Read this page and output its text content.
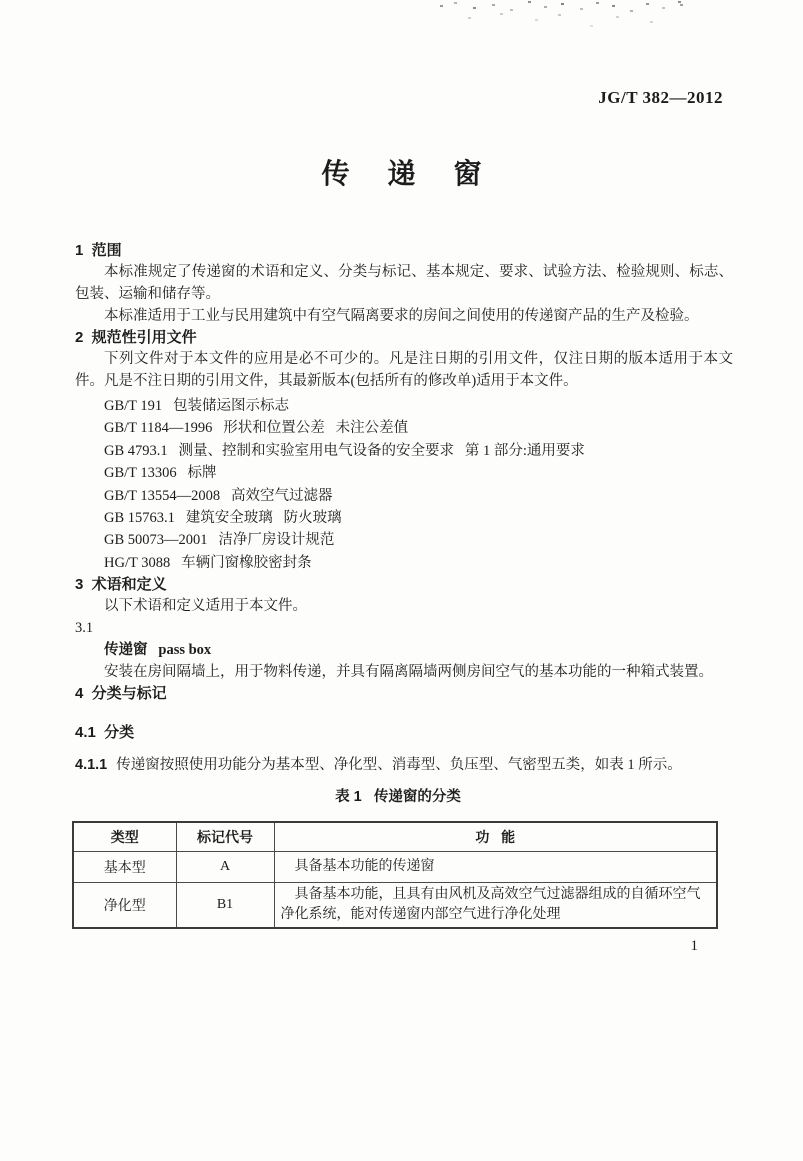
JG/T 382—2012
传递窗
1  范围

本标准规定了传递窗的术语和定义、分类与标记、基本规定、要求、试验方法、检验规则、标志、包装、运输和储存等。

本标准适用于工业与民用建筑中有空气隔离要求的房间之间使用的传递窗产品的生产及检验。

2  规范性引用文件

下列文件对于本文件的应用是必不可少的。凡是注日期的引用文件，仅注日期的版本适用于本文件。凡是不注日期的引用文件，其最新版本(包括所有的修改单)适用于本文件。

GB/T 191   包装储运图示标志
GB/T 1184—1996   形状和位置公差   未注公差值
GB 4793.1   测量、控制和实验室用电气设备的安全要求   第 1 部分:通用要求
GB/T 13306   标牌
GB/T 13554—2008   高效空气过滤器
GB 15763.1   建筑安全玻璃   防火玻璃
GB 50073—2001   洁净厂房设计规范
HG/T 3088   车辆门窗橡胶密封条
3  术语和定义

以下术语和定义适用于本文件。

3.1

传递窗   pass box

安装在房间隔墙上，用于物料传递，并具有隔离隔墙两侧房间空气的基本功能的一种箱式装置。

4  分类与标记
4.1  分类

4.1.1 传递窗按照使用功能分为基本型、净化型、消毒型、负压型、气密型五类，如表 1 所示。

表 1   传递窗的分类
类型	标记代号	功   能
基本型	A	具备基本功能的传递窗
净化型	B1	具备基本功能，且具有由风机及高效空气过滤器组成的自循环空气净化系统，能对传递窗内部空气进行净化处理
1
